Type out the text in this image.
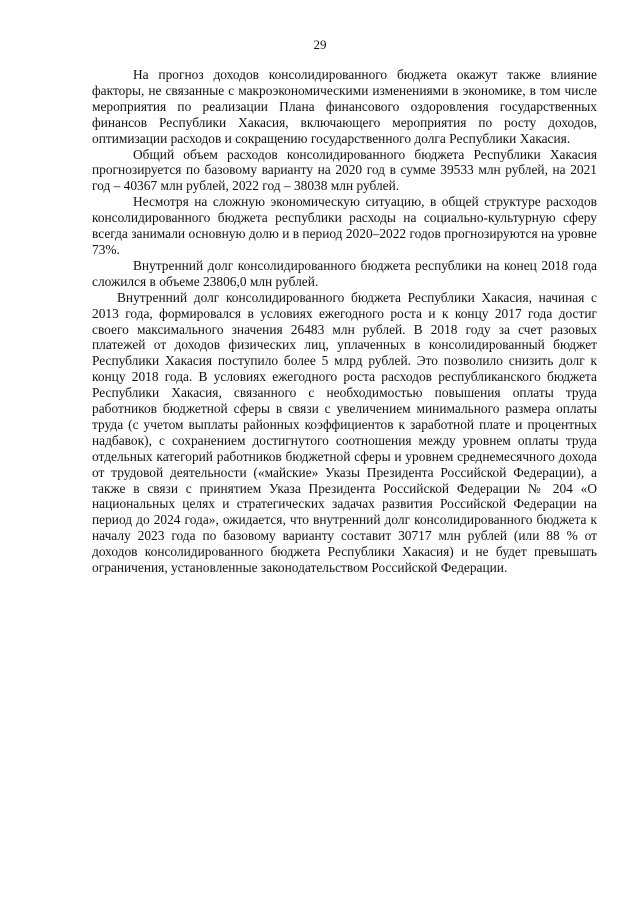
29

На прогноз доходов консолидированного бюджета окажут также влияние факторы, не связанные с макроэкономическими изменениями в экономике, в том числе мероприятия по реализации Плана финансового оздоровления государственных финансов Республики Хакасия, включающего мероприятия по росту доходов, оптимизации расходов и сокращению государственного долга Республики Хакасия.

Общий объем расходов консолидированного бюджета Республики Хакасия прогнозируется по базовому варианту на 2020 год в сумме 39533 млн рублей, на 2021 год – 40367 млн рублей, 2022 год – 38038 млн рублей.

Несмотря на сложную экономическую ситуацию, в общей структуре расходов консолидированного бюджета республики расходы на социально-культурную сферу всегда занимали основную долю и в период 2020–2022 годов прогнозируются на уровне 73%.

Внутренний долг консолидированного бюджета республики на конец 2018 года сложился в объеме 23806,0 млн рублей.

Внутренний долг консолидированного бюджета Республики Хакасия, начиная с 2013 года, формировался в условиях ежегодного роста и к концу 2017 года достиг своего максимального значения 26483 млн рублей. В 2018 году за счет разовых платежей от доходов физических лиц, уплаченных в консолидированный бюджет Республики Хакасия поступило более 5 млрд рублей. Это позволило снизить долг к концу 2018 года. В условиях ежегодного роста расходов республиканского бюджета Республики Хакасия, связанного с необходимостью повышения оплаты труда работников бюджетной сферы в связи с увеличением минимального размера оплаты труда (с учетом выплаты районных коэффициентов к заработной плате и процентных надбавок), с сохранением достигнутого соотношения между уровнем оплаты труда отдельных категорий работников бюджетной сферы и уровнем среднемесячного дохода от трудовой деятельности («майские» Указы Президента Российской Федерации), а также в связи с принятием Указа Президента Российской Федерации № 204 «О национальных целях и стратегических задачах развития Российской Федерации на период до 2024 года», ожидается, что внутренний долг консолидированного бюджета к началу 2023 года по базовому варианту составит 30717 млн рублей (или 88 % от доходов консолидированного бюджета Республики Хакасия) и не будет превышать ограничения, установленные законодательством Российской Федерации.
